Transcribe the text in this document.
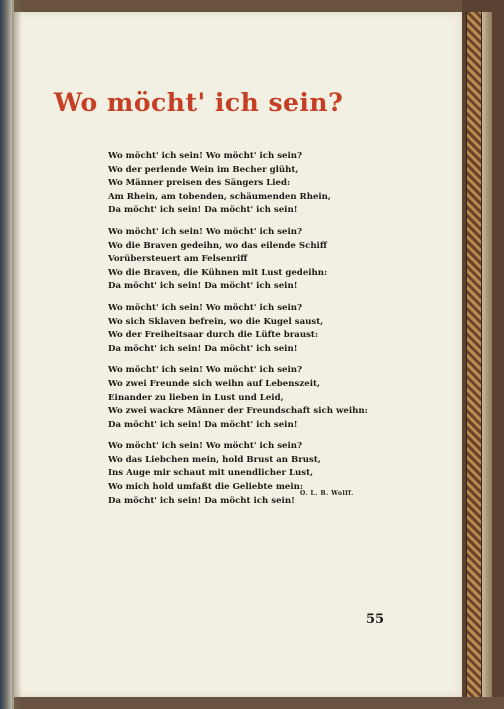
Wo möcht' ich sein?
Wo möcht' ich sein! Wo möcht' ich sein?
Wo der perlende Wein im Becher glüht,
Wo Männer preisen des Sängers Lied:
Am Rhein, am tobenden, schäumenden Rhein,
Da möcht' ich sein! Da möcht' ich sein!
Wo möcht' ich sein! Wo möcht' ich sein?
Wo die Braven gedeihn, wo das eilende Schiff
Vorübersteuert am Felsenriff
Wo die Braven, die Kühnen mit Lust gedeihn:
Da möcht' ich sein! Da möcht' ich sein!
Wo möcht' ich sein! Wo möcht' ich sein?
Wo sich Sklaven befrein, wo die Kugel saust,
Wo der Freiheitsaar durch die Lüfte braust:
Da möcht' ich sein! Da möcht' ich sein!
Wo möcht' ich sein! Wo möcht' ich sein?
Wo zwei Freunde sich weihn auf Lebenszeit,
Einander zu lieben in Lust und Leid,
Wo zwei wackre Männer der Freundschaft sich weihn:
Da möcht' ich sein! Da möcht' ich sein!
Wo möcht' ich sein! Wo möcht' ich sein?
Wo das Liebchen mein, hold Brust an Brust,
Ins Auge mir schaut mit unendlicher Lust,
Wo mich hold umfaßt die Geliebte mein:
Da möcht' ich sein! Da möcht ich sein!
O. L. B. Wolff.
55
